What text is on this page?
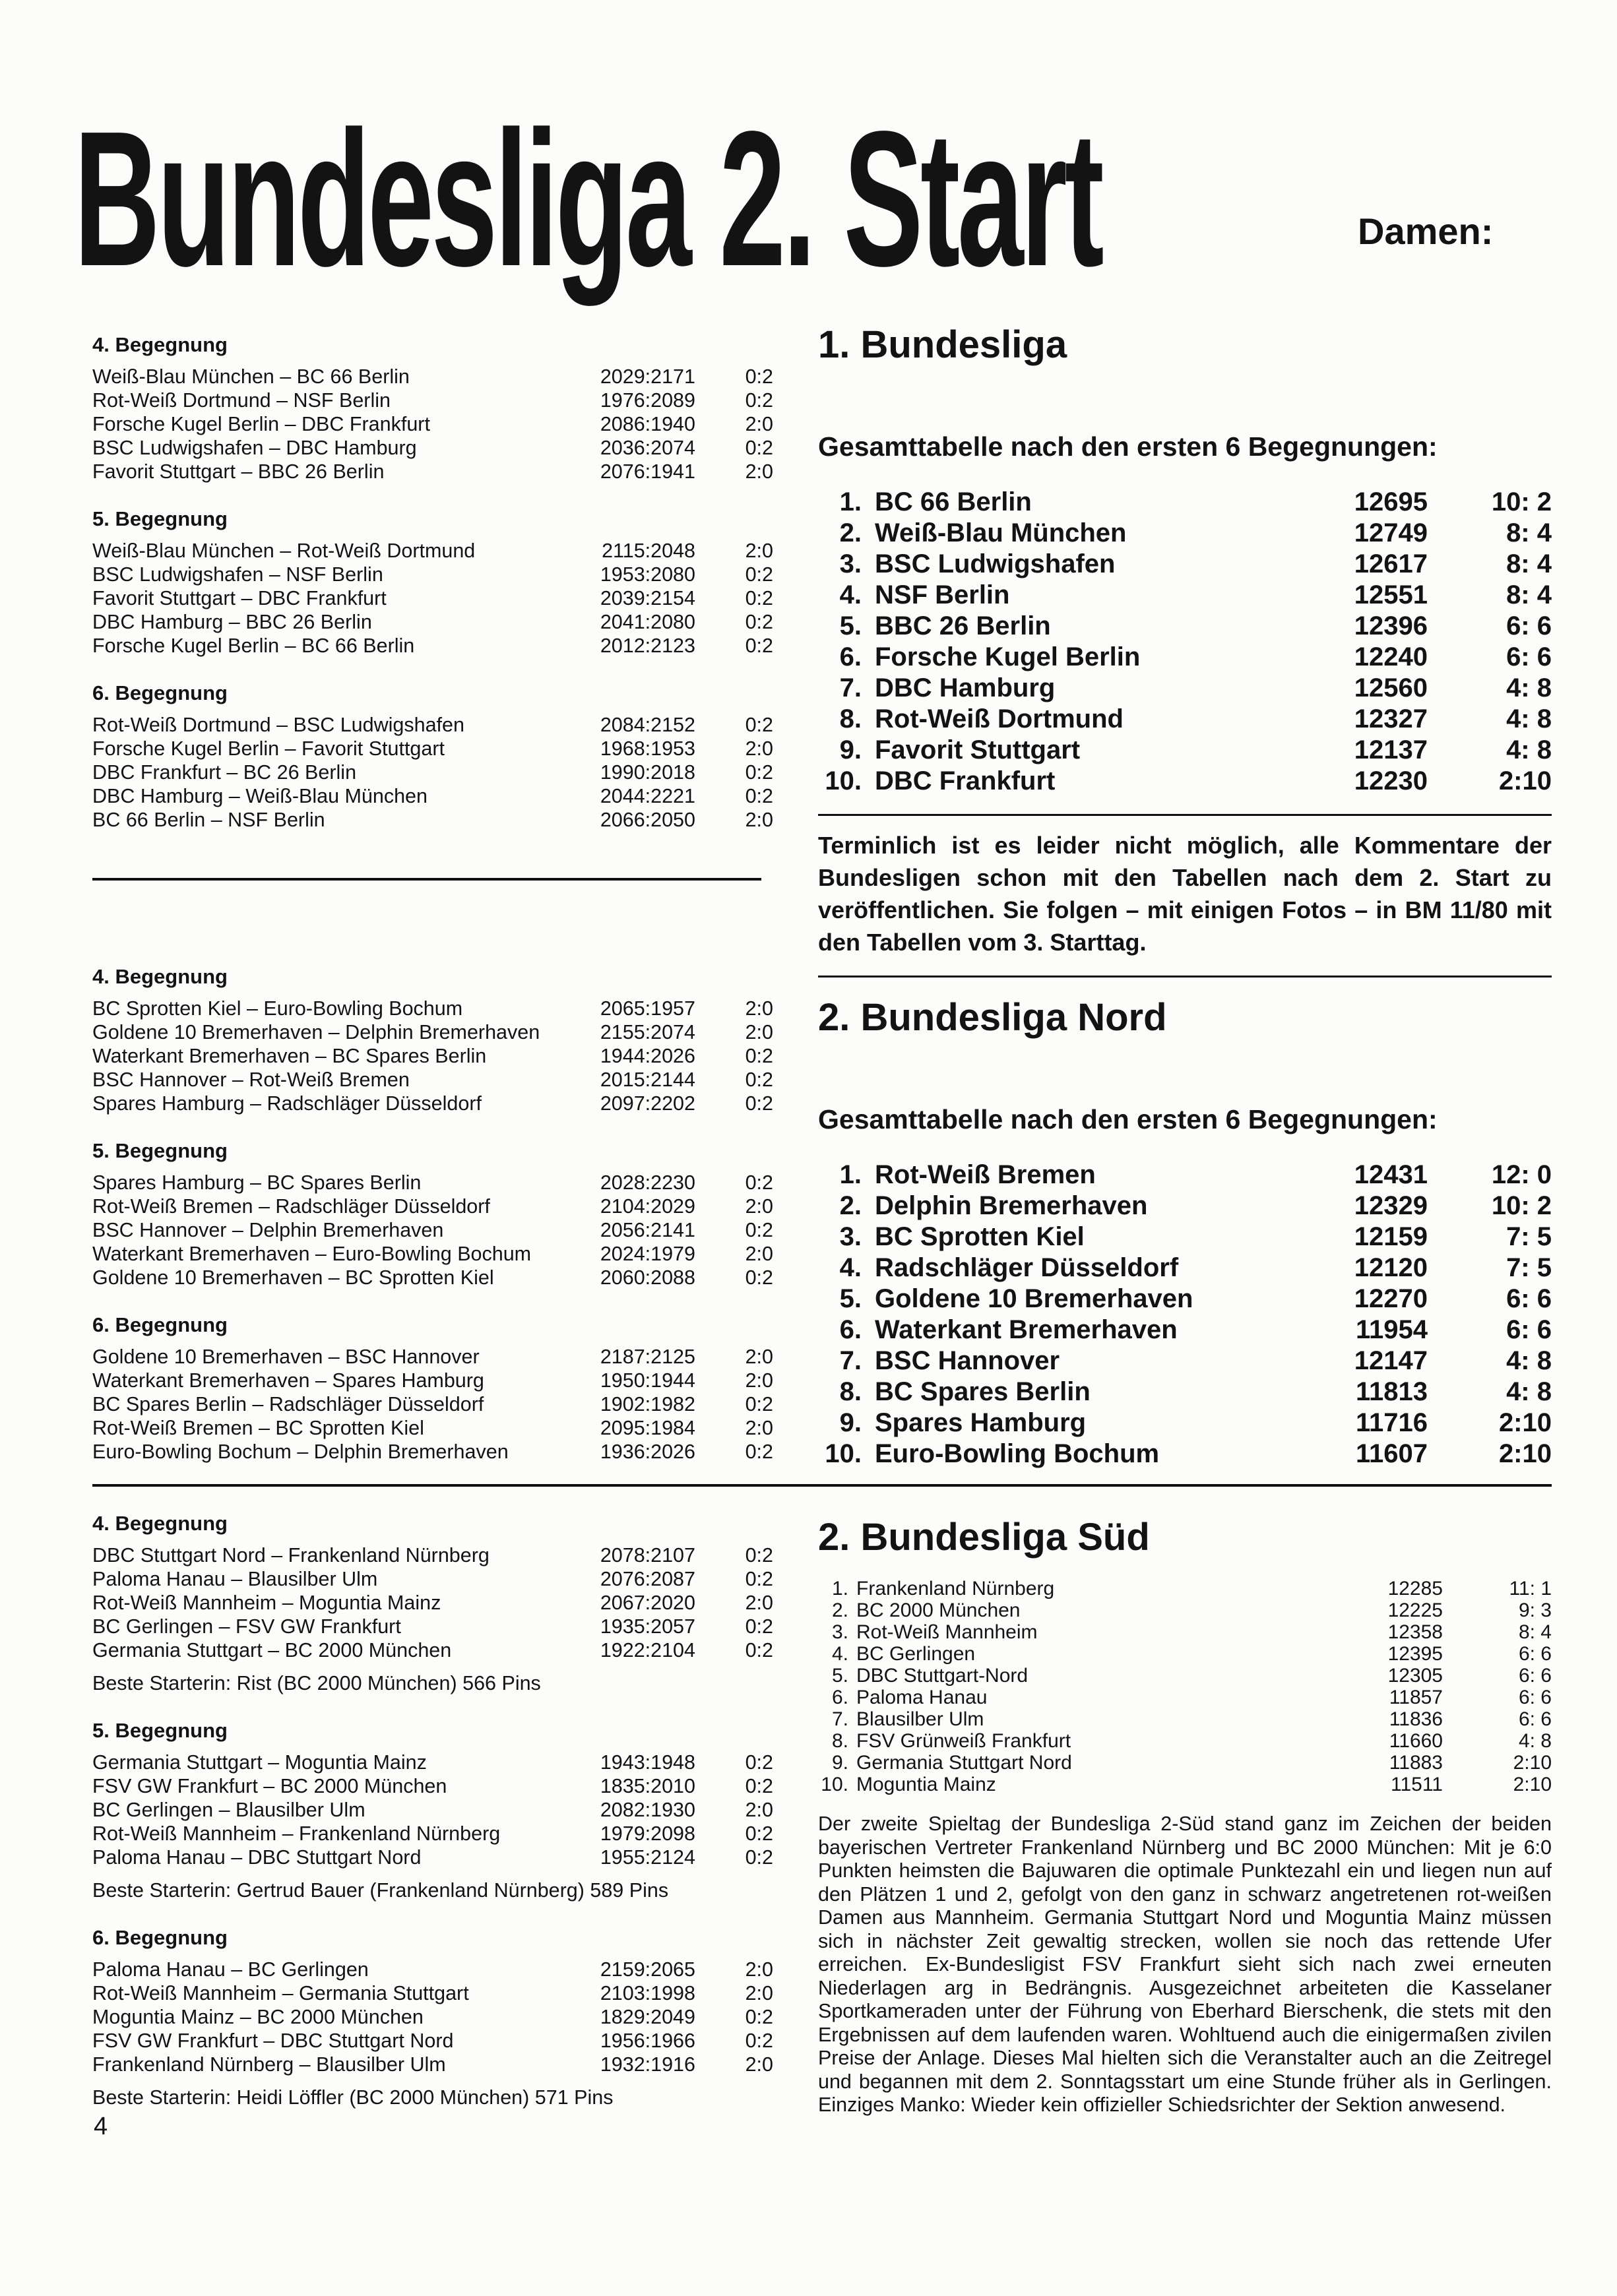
Bundesliga 2. Start	Damen:
4. Begegnung
Weiß-Blau München – BC 66 Berlin	2029:2171	0:2
Rot-Weiß Dortmund – NSF Berlin	1976:2089	0:2
Forsche Kugel Berlin – DBC Frankfurt	2086:1940	2:0
BSC Ludwigshafen – DBC Hamburg	2036:2074	0:2
Favorit Stuttgart – BBC 26 Berlin	2076:1941	2:0
5. Begegnung
Weiß-Blau München – Rot-Weiß Dortmund	2115:2048	2:0
BSC Ludwigshafen – NSF Berlin	1953:2080	0:2
Favorit Stuttgart – DBC Frankfurt	2039:2154	0:2
DBC Hamburg – BBC 26 Berlin	2041:2080	0:2
Forsche Kugel Berlin – BC 66 Berlin	2012:2123	0:2
6. Begegnung
Rot-Weiß Dortmund – BSC Ludwigshafen	2084:2152	0:2
Forsche Kugel Berlin – Favorit Stuttgart	1968:1953	2:0
DBC Frankfurt – BC 26 Berlin	1990:2018	0:2
DBC Hamburg – Weiß-Blau München	2044:2221	0:2
BC 66 Berlin – NSF Berlin	2066:2050	2:0
4. Begegnung
BC Sprotten Kiel – Euro-Bowling Bochum	2065:1957	2:0
Goldene 10 Bremerhaven – Delphin Bremerhaven	2155:2074	2:0
Waterkant Bremerhaven – BC Spares Berlin	1944:2026	0:2
BSC Hannover – Rot-Weiß Bremen	2015:2144	0:2
Spares Hamburg – Radschläger Düsseldorf	2097:2202	0:2
5. Begegnung
Spares Hamburg – BC Spares Berlin	2028:2230	0:2
Rot-Weiß Bremen – Radschläger Düsseldorf	2104:2029	2:0
BSC Hannover – Delphin Bremerhaven	2056:2141	0:2
Waterkant Bremerhaven – Euro-Bowling Bochum	2024:1979	2:0
Goldene 10 Bremerhaven – BC Sprotten Kiel	2060:2088	0:2
6. Begegnung
Goldene 10 Bremerhaven – BSC Hannover	2187:2125	2:0
Waterkant Bremerhaven – Spares Hamburg	1950:1944	2:0
BC Spares Berlin – Radschläger Düsseldorf	1902:1982	0:2
Rot-Weiß Bremen – BC Sprotten Kiel	2095:1984	2:0
Euro-Bowling Bochum – Delphin Bremerhaven	1936:2026	0:2
1. Bundesliga

Gesamttabelle nach den ersten 6 Begegnungen:

1. BC 66 Berlin	12695	10: 2
2. Weiß-Blau München	12749	8: 4
3. BSC Ludwigshafen	12617	8: 4
4. NSF Berlin	12551	8: 4
5. BBC 26 Berlin	12396	6: 6
6. Forsche Kugel Berlin	12240	6: 6
7. DBC Hamburg	12560	4: 8
8. Rot-Weiß Dortmund	12327	4: 8
9. Favorit Stuttgart	12137	4: 8
10. DBC Frankfurt	12230	2:10

Terminlich ist es leider nicht möglich, alle Kommentare der Bundesligen schon mit den Tabellen nach dem 2. Start zu veröffentlichen. Sie folgen – mit einigen Fotos – in BM 11/80 mit den Tabellen vom 3. Starttag.

2. Bundesliga Nord

Gesamttabelle nach den ersten 6 Begegnungen:

1. Rot-Weiß Bremen	12431	12: 0
2. Delphin Bremerhaven	12329	10: 2
3. BC Sprotten Kiel	12159	7: 5
4. Radschläger Düsseldorf	12120	7: 5
5. Goldene 10 Bremerhaven	12270	6: 6
6. Waterkant Bremerhaven	11954	6: 6
7. BSC Hannover	12147	4: 8
8. BC Spares Berlin	11813	4: 8
9. Spares Hamburg	11716	2:10
10. Euro-Bowling Bochum	11607	2:10
4. Begegnung
DBC Stuttgart Nord – Frankenland Nürnberg	2078:2107	0:2
Paloma Hanau – Blausilber Ulm	2076:2087	0:2
Rot-Weiß Mannheim – Moguntia Mainz	2067:2020	2:0
BC Gerlingen – FSV GW Frankfurt	1935:2057	0:2
Germania Stuttgart – BC 2000 München	1922:2104	0:2

Beste Starterin: Rist (BC 2000 München) 566 Pins

5. Begegnung
Germania Stuttgart – Moguntia Mainz	1943:1948	0:2
FSV GW Frankfurt – BC 2000 München	1835:2010	0:2
BC Gerlingen – Blausilber Ulm	2082:1930	2:0
Rot-Weiß Mannheim – Frankenland Nürnberg	1979:2098	0:2
Paloma Hanau – DBC Stuttgart Nord	1955:2124	0:2

Beste Starterin: Gertrud Bauer (Frankenland Nürnberg) 589 Pins

6. Begegnung
Paloma Hanau – BC Gerlingen	2159:2065	2:0
Rot-Weiß Mannheim – Germania Stuttgart	2103:1998	2:0
Moguntia Mainz – BC 2000 München	1829:2049	0:2
FSV GW Frankfurt – DBC Stuttgart Nord	1956:1966	0:2
Frankenland Nürnberg – Blausilber Ulm	1932:1916	2:0

Beste Starterin: Heidi Löffler (BC 2000 München) 571 Pins

2. Bundesliga Süd
1. Frankenland Nürnberg	12285	11: 1
2. BC 2000 München	12225	9: 3
3. Rot-Weiß Mannheim	12358	8: 4
4. BC Gerlingen	12395	6: 6
5. DBC Stuttgart-Nord	12305	6: 6
6. Paloma Hanau	11857	6: 6
7. Blausilber Ulm	11836	6: 6
8. FSV Grünweiß Frankfurt	11660	4: 8
9. Germania Stuttgart Nord	11883	2:10
10. Moguntia Mainz	11511	2:10

Der zweite Spieltag der Bundesliga 2-Süd stand ganz im Zeichen der beiden bayerischen Vertreter Frankenland Nürnberg und BC 2000 München: Mit je 6:0 Punkten heimsten die Bajuwaren die optimale Punktezahl ein und liegen nun auf den Plätzen 1 und 2, gefolgt von den ganz in schwarz angetretenen rot-weißen Damen aus Mannheim. Germania Stuttgart Nord und Moguntia Mainz müssen sich in nächster Zeit gewaltig strecken, wollen sie noch das rettende Ufer erreichen. Ex-Bundesligist FSV Frankfurt sieht sich nach zwei erneuten Niederlagen arg in Bedrängnis. Ausgezeichnet arbeiteten die Kasselaner Sportkameraden unter der Führung von Eberhard Bierschenk, die stets mit den Ergebnissen auf dem laufenden waren. Wohltuend auch die einigermaßen zivilen Preise der Anlage. Dieses Mal hielten sich die Veranstalter auch an die Zeitregel und begannen mit dem 2. Sonntagsstart um eine Stunde früher als in Gerlingen. Einziges Manko: Wieder kein offizieller Schiedsrichter der Sektion anwesend.

4
